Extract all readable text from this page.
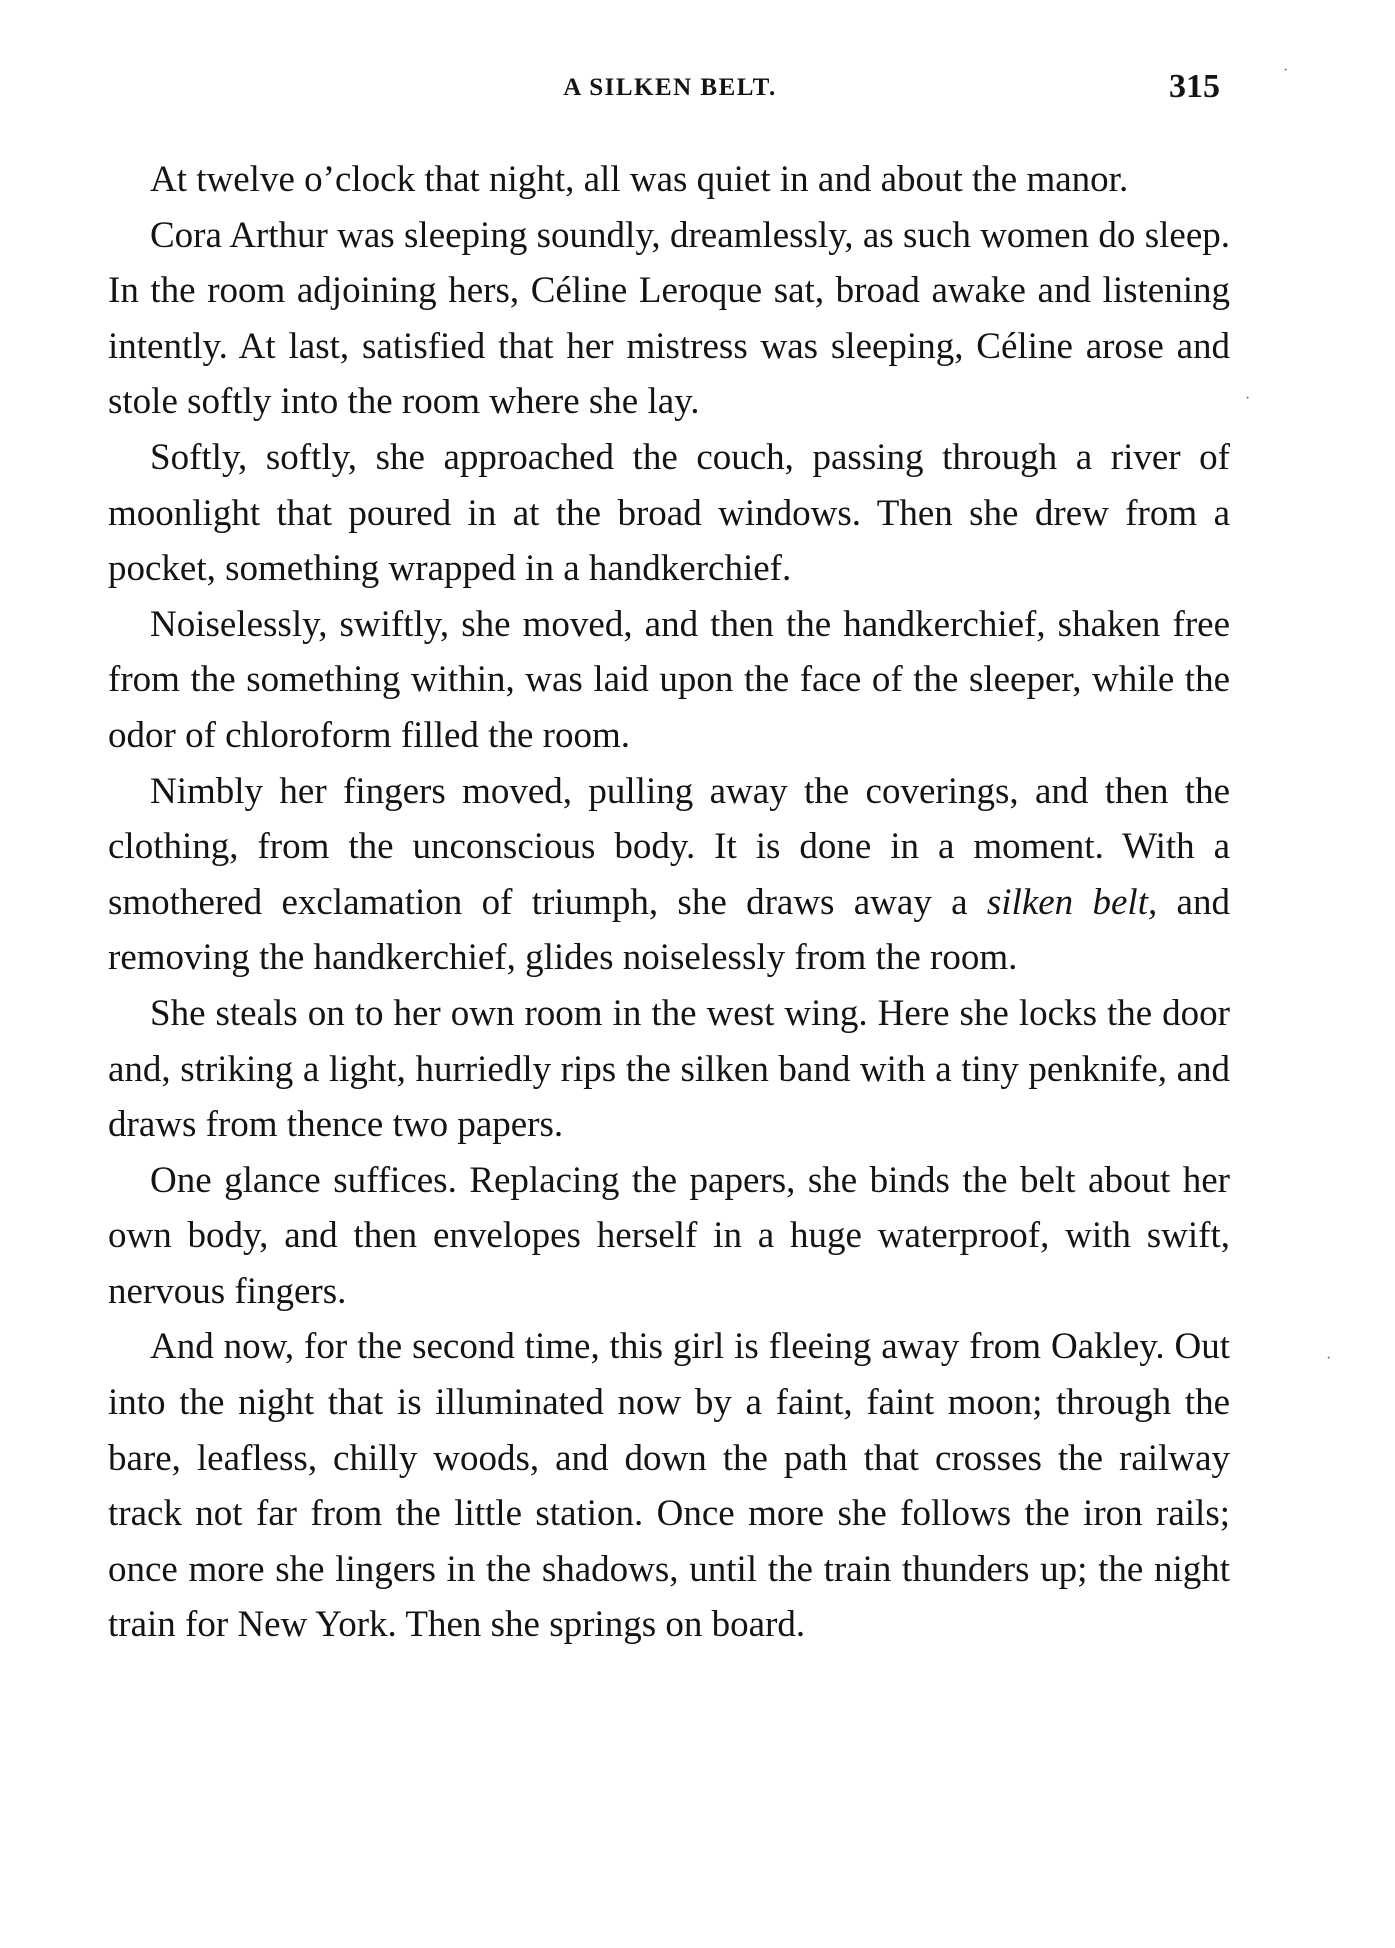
A SILKEN BELT.	315

At twelve o’clock that night, all was quiet in and about the manor.

Cora Arthur was sleeping soundly, dreamlessly, as such women do sleep. In the room adjoining hers, Céline Leroque sat, broad awake and listening intently. At last, satisfied that her mistress was sleeping, Céline arose and stole softly into the room where she lay.

Softly, softly, she approached the couch, passing through a river of moonlight that poured in at the broad windows. Then she drew from a pocket, something wrapped in a handkerchief.

Noiselessly, swiftly, she moved, and then the handkerchief, shaken free from the something within, was laid upon the face of the sleeper, while the odor of chloroform filled the room.

Nimbly her fingers moved, pulling away the coverings, and then the clothing, from the unconscious body. It is done in a moment. With a smothered exclamation of triumph, she draws away a silken belt, and removing the handkerchief, glides noiselessly from the room.

She steals on to her own room in the west wing. Here she locks the door and, striking a light, hurriedly rips the silken band with a tiny penknife, and draws from thence two papers.

One glance suffices. Replacing the papers, she binds the belt about her own body, and then envelopes herself in a huge waterproof, with swift, nervous fingers.

And now, for the second time, this girl is fleeing away from Oakley. Out into the night that is illuminated now by a faint, faint moon; through the bare, leafless, chilly woods, and down the path that crosses the railway track not far from the little station. Once more she follows the iron rails; once more she lingers in the shadows, until the train thunders up; the night train for New York. Then she springs on board.

·
·
·
